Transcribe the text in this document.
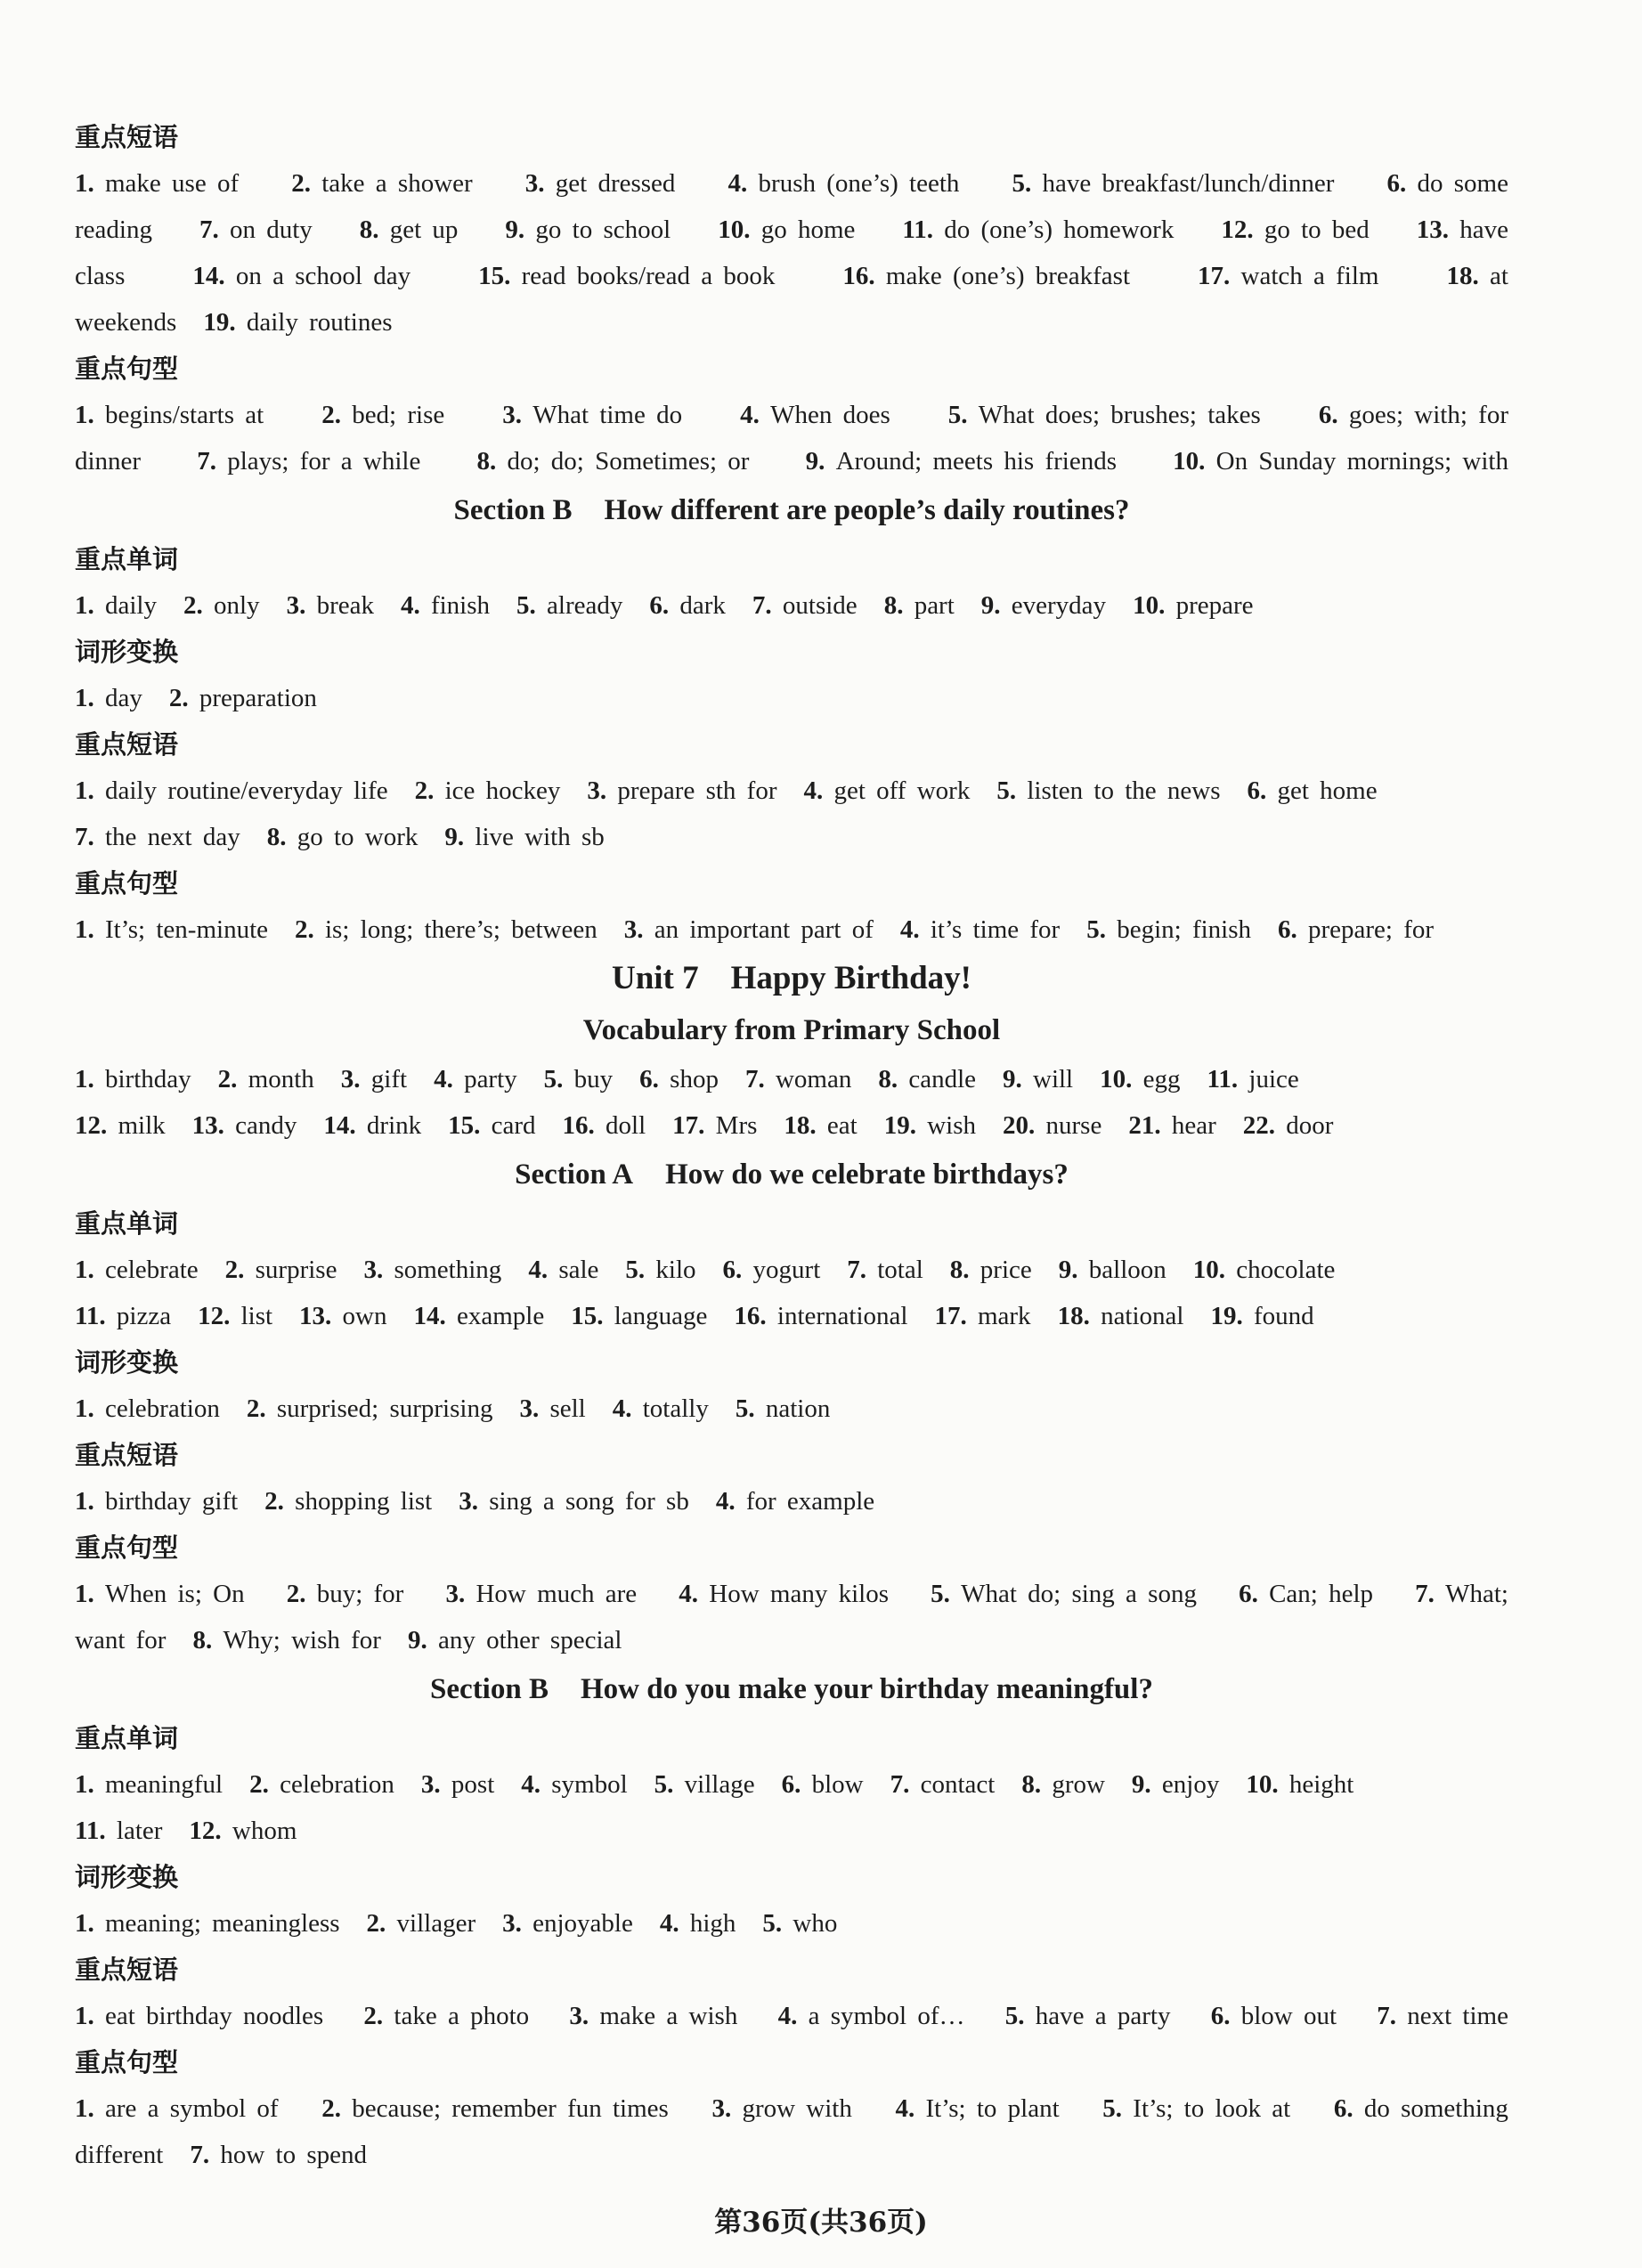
重点短语
1. make use of 2. take a shower 3. get dressed 4. brush (one’s) teeth 5. have breakfast/lunch/dinner 6. do some
reading 7. on duty 8. get up 9. go to school 10. go home 11. do (one’s) homework 12. go to bed 13. have
class	14. on a school day	15. read books/read a book	16. make (one’s) breakfast	17. watch a film	18. at
weekends 19. daily routines
重点句型
1. begins/starts at 2. bed; rise 3. What time do 4. When does 5. What does; brushes; takes 6. goes; with; for
dinner 7. plays; for a while 8. do; do; Sometimes; or 9. Around; meets his friends 10. On Sunday mornings; with
Section B How different are people’s daily routines?
重点单词
1. daily 2. only 3. break 4. finish 5. already 6. dark 7. outside 8. part 9. everyday 10. prepare
词形变换
1. day 2. preparation
重点短语
1. daily routine/everyday life 2. ice hockey 3. prepare sth for 4. get off work 5. listen to the news 6. get home
7. the next day 8. go to work 9. live with sb
重点句型
1. It’s; ten-minute 2. is; long; there’s; between 3. an important part of 4. it’s time for 5. begin; finish 6. prepare; for
Unit 7 Happy Birthday!
Vocabulary from Primary School
1. birthday 2. month 3. gift 4. party 5. buy 6. shop 7. woman 8. candle 9. will 10. egg 11. juice
12. milk 13. candy 14. drink 15. card 16. doll 17. Mrs 18. eat 19. wish 20. nurse 21. hear 22. door
Section A How do we celebrate birthdays?
重点单词
1. celebrate 2. surprise 3. something 4. sale 5. kilo 6. yogurt 7. total 8. price 9. balloon 10. chocolate
11. pizza 12. list 13. own 14. example 15. language 16. international 17. mark 18. national 19. found
词形变换
1. celebration 2. surprised; surprising 3. sell 4. totally 5. nation
重点短语
1. birthday gift 2. shopping list 3. sing a song for sb 4. for example
重点句型
1. When is; On 2. buy; for 3. How much are 4. How many kilos 5. What do; sing a song 6. Can; help 7. What;
want for 8. Why; wish for 9. any other special
Section B How do you make your birthday meaningful?
重点单词
1. meaningful 2. celebration 3. post 4. symbol 5. village 6. blow 7. contact 8. grow 9. enjoy 10. height
11. later 12. whom
词形变换
1. meaning; meaningless 2. villager 3. enjoyable 4. high 5. who
重点短语
1. eat birthday noodles 2. take a photo 3. make a wish 4. a symbol of… 5. have a party 6. blow out 7. next time
重点句型
1. are a symbol of 2. because; remember fun times 3. grow with 4. It’s; to plant 5. It’s; to look at 6. do something
different 7. how to spend
第36页(共36页)
